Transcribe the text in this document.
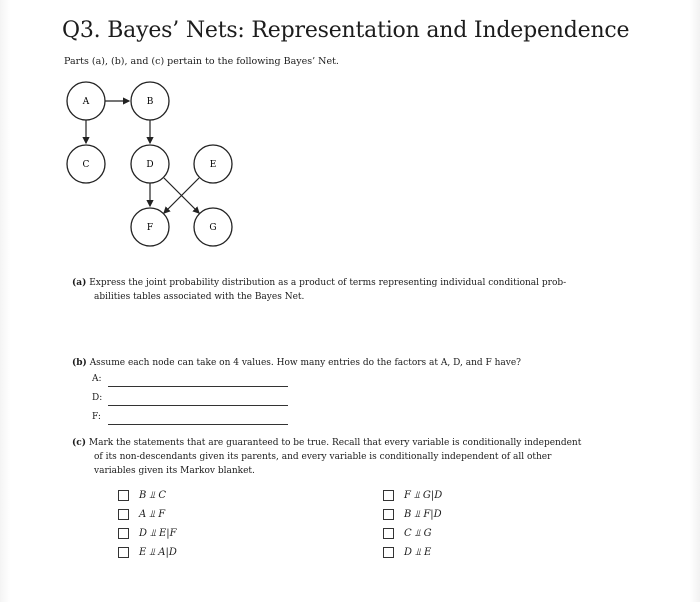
Q3. Bayes’ Nets: Representation and Independence
Parts (a), (b), and (c) pertain to the following Bayes’ Net.
A	B
C	D	E
F	G
(a) Express the joint probability distribution as a product of terms representing individual conditional prob-
abilities tables associated with the Bayes Net.
(b) Assume each node can take on 4 values. How many entries do the factors at A, D, and F have?
A:
D:
F:
(c) Mark the statements that are guaranteed to be true. Recall that every variable is conditionally independent
of its non-descendants given its parents, and every variable is conditionally independent of all other
variables given its Markov blanket.
B ⫫ C
A ⫫ F
D ⫫ E|F
E ⫫ A|D
F ⫫ G|D
B ⫫ F|D
C ⫫ G
D ⫫ E
